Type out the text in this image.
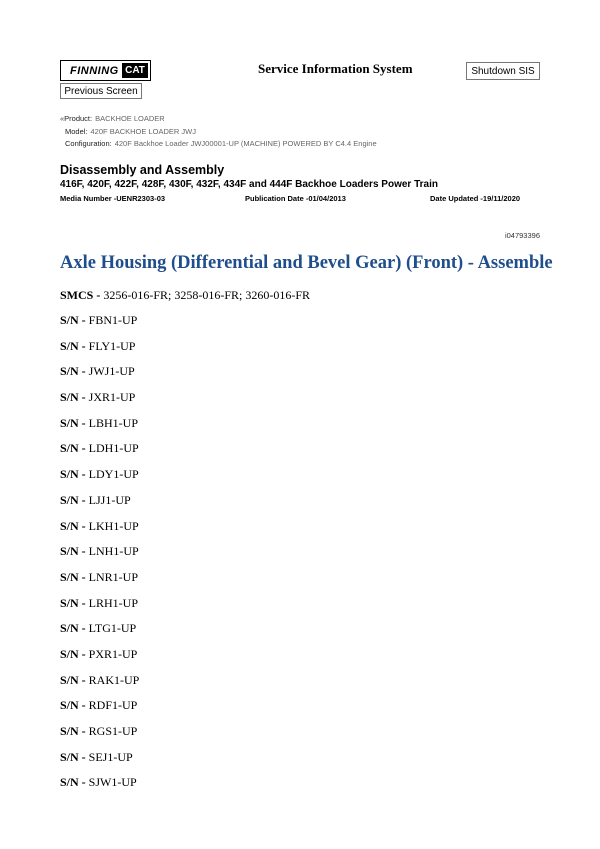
FINNING CAT	Service Information System	Shutdown SIS
Previous Screen
«Product: BACKHOE LOADER
Model: 420F BACKHOE LOADER JWJ
Configuration: 420F Backhoe Loader JWJ00001-UP (MACHINE) POWERED BY C4.4 Engine
Disassembly and Assembly
416F, 420F, 422F, 428F, 430F, 432F, 434F and 444F Backhoe Loaders Power Train
Media Number -UENR2303-03	Publication Date -01/04/2013	Date Updated -19/11/2020
i04793396
Axle Housing (Differential and Bevel Gear) (Front) - Assemble
SMCS - 3256-016-FR; 3258-016-FR; 3260-016-FR
S/N - FBN1-UP
S/N - FLY1-UP
S/N - JWJ1-UP
S/N - JXR1-UP
S/N - LBH1-UP
S/N - LDH1-UP
S/N - LDY1-UP
S/N - LJJ1-UP
S/N - LKH1-UP
S/N - LNH1-UP
S/N - LNR1-UP
S/N - LRH1-UP
S/N - LTG1-UP
S/N - PXR1-UP
S/N - RAK1-UP
S/N - RDF1-UP
S/N - RGS1-UP
S/N - SEJ1-UP
S/N - SJW1-UP
